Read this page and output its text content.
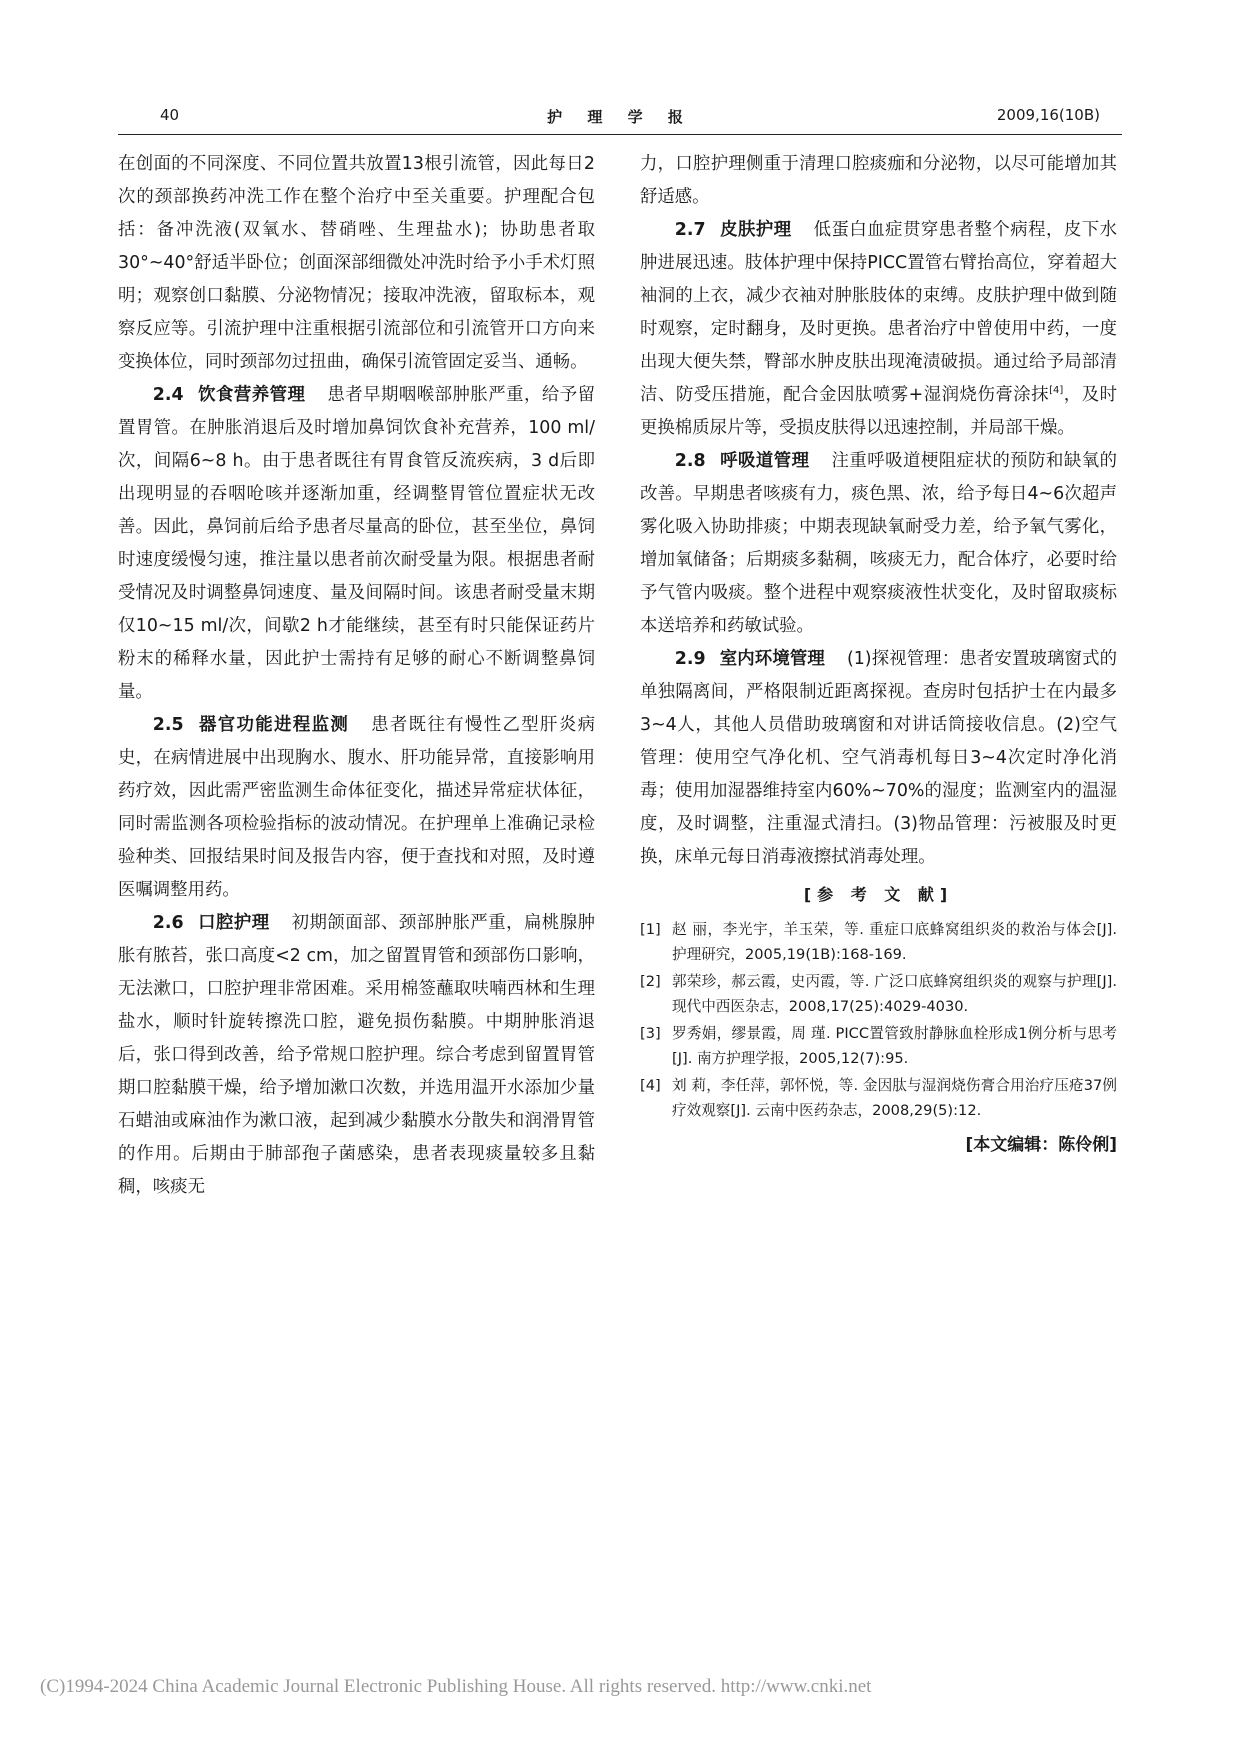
40	护 理 学 报	2009,16(10B)

在创面的不同深度、不同位置共放置13根引流管，因此每日2次的颈部换药冲洗工作在整个治疗中至关重要。护理配合包括：备冲洗液(双氧水、替硝唑、生理盐水)；协助患者取30°~40°舒适半卧位；创面深部细微处冲洗时给予小手术灯照明；观察创口黏膜、分泌物情况；接取冲洗液，留取标本，观察反应等。引流护理中注重根据引流部位和引流管开口方向来变换体位，同时颈部勿过扭曲，确保引流管固定妥当、通畅。

2.4 饮食营养管理 患者早期咽喉部肿胀严重，给予留置胃管。在肿胀消退后及时增加鼻饲饮食补充营养，100 ml/次，间隔6~8 h。由于患者既往有胃食管反流疾病，3 d后即出现明显的吞咽呛咳并逐渐加重，经调整胃管位置症状无改善。因此，鼻饲前后给予患者尽量高的卧位，甚至坐位，鼻饲时速度缓慢匀速，推注量以患者前次耐受量为限。根据患者耐受情况及时调整鼻饲速度、量及间隔时间。该患者耐受量末期仅10~15 ml/次，间歇2 h才能继续，甚至有时只能保证药片粉末的稀释水量，因此护士需持有足够的耐心不断调整鼻饲量。

2.5 器官功能进程监测 患者既往有慢性乙型肝炎病史，在病情进展中出现胸水、腹水、肝功能异常，直接影响用药疗效，因此需严密监测生命体征变化，描述异常症状体征，同时需监测各项检验指标的波动情况。在护理单上准确记录检验种类、回报结果时间及报告内容，便于查找和对照，及时遵医嘱调整用药。

2.6 口腔护理 初期颌面部、颈部肿胀严重，扁桃腺肿胀有脓苔，张口高度<2 cm，加之留置胃管和颈部伤口影响，无法漱口，口腔护理非常困难。采用棉签蘸取呋喃西林和生理盐水，顺时针旋转擦洗口腔，避免损伤黏膜。中期肿胀消退后，张口得到改善，给予常规口腔护理。综合考虑到留置胃管期口腔黏膜干燥，给予增加漱口次数，并选用温开水添加少量石蜡油或麻油作为漱口液，起到减少黏膜水分散失和润滑胃管的作用。后期由于肺部孢子菌感染，患者表现痰量较多且黏稠，咳痰无

力，口腔护理侧重于清理口腔痰痂和分泌物，以尽可能增加其舒适感。

2.7 皮肤护理 低蛋白血症贯穿患者整个病程，皮下水肿进展迅速。肢体护理中保持PICC置管右臂抬高位，穿着超大袖洞的上衣，减少衣袖对肿胀肢体的束缚。皮肤护理中做到随时观察，定时翻身，及时更换。患者治疗中曾使用中药，一度出现大便失禁，臀部水肿皮肤出现淹渍破损。通过给予局部清洁、防受压措施，配合金因肽喷雾+湿润烧伤膏涂抹[4]，及时更换棉质尿片等，受损皮肤得以迅速控制，并局部干燥。

2.8 呼吸道管理 注重呼吸道梗阻症状的预防和缺氧的改善。早期患者咳痰有力，痰色黑、浓，给予每日4~6次超声雾化吸入协助排痰；中期表现缺氧耐受力差，给予氧气雾化，增加氧储备；后期痰多黏稠，咳痰无力，配合体疗，必要时给予气管内吸痰。整个进程中观察痰液性状变化，及时留取痰标本送培养和药敏试验。

2.9 室内环境管理 (1)探视管理：患者安置玻璃窗式的单独隔离间，严格限制近距离探视。查房时包括护士在内最多3~4人，其他人员借助玻璃窗和对讲话筒接收信息。(2)空气管理：使用空气净化机、空气消毒机每日3~4次定时净化消毒；使用加湿器维持室内60%~70%的湿度；监测室内的温湿度，及时调整，注重湿式清扫。(3)物品管理：污被服及时更换，床单元每日消毒液擦拭消毒处理。

[参 考 文 献]

[1] 赵 丽，李光宇，羊玉荣，等. 重症口底蜂窝组织炎的救治与体会[J]. 护理研究，2005,19(1B):168-169.

[2] 郭荣珍，郝云霞，史丙霞，等. 广泛口底蜂窝组织炎的观察与护理[J]. 现代中西医杂志，2008,17(25):4029-4030.

[3] 罗秀娟，缪景霞，周 瑾. PICC置管致肘静脉血栓形成1例分析与思考[J]. 南方护理学报，2005,12(7):95.

[4] 刘 莉，李任萍，郭怀悦，等. 金因肽与湿润烧伤膏合用治疗压疮37例疗效观察[J]. 云南中医药杂志，2008,29(5):12.

[本文编辑：陈伶俐]

(C)1994-2024 China Academic Journal Electronic Publishing House. All rights reserved. http://www.cnki.net
